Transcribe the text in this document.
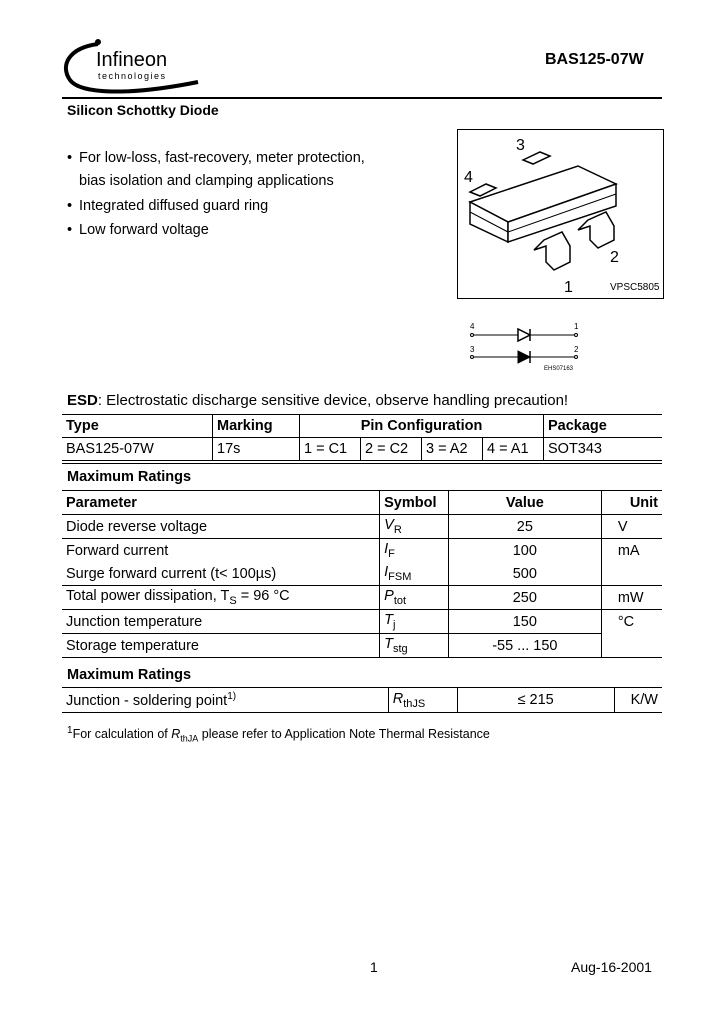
Infineon
technologies
BAS125-07W
Silicon Schottky Diode
• For low-loss, fast-recovery, meter protection,
bias isolation and clamping applications
• Integrated diffused guard ring
• Low forward voltage
3
4
2
1	VPSC5805
4	1
3	2
EHS07163
ESD: Electrostatic discharge sensitive device, observe handling precaution!
Type	Marking	Pin Configuration				Package
BAS125-07W	17s	1 = C1	2 = C2	3 = A2	4 = A1	SOT343
Maximum Ratings
Parameter	Symbol	Value	Unit
Diode reverse voltage	$V_R$	25	V
Forward current	$I_F$	100	mA
Surge forward current (t< 100µs)	$I_{FSM}$	500	
Total power dissipation, $T_S = 96$ °C	$P_{tot}$	250	mW
Junction temperature	$T_j$	150	°C
Storage temperature	$T_{stg}$	-55 ... 150	
Maximum Ratings
Junction - soldering point$^{1)}$	$R_{thJS}$	≤ 215	K/W
$^1$For calculation of $R_{thJA}$ please refer to Application Note Thermal Resistance
1	Aug-16-2001
